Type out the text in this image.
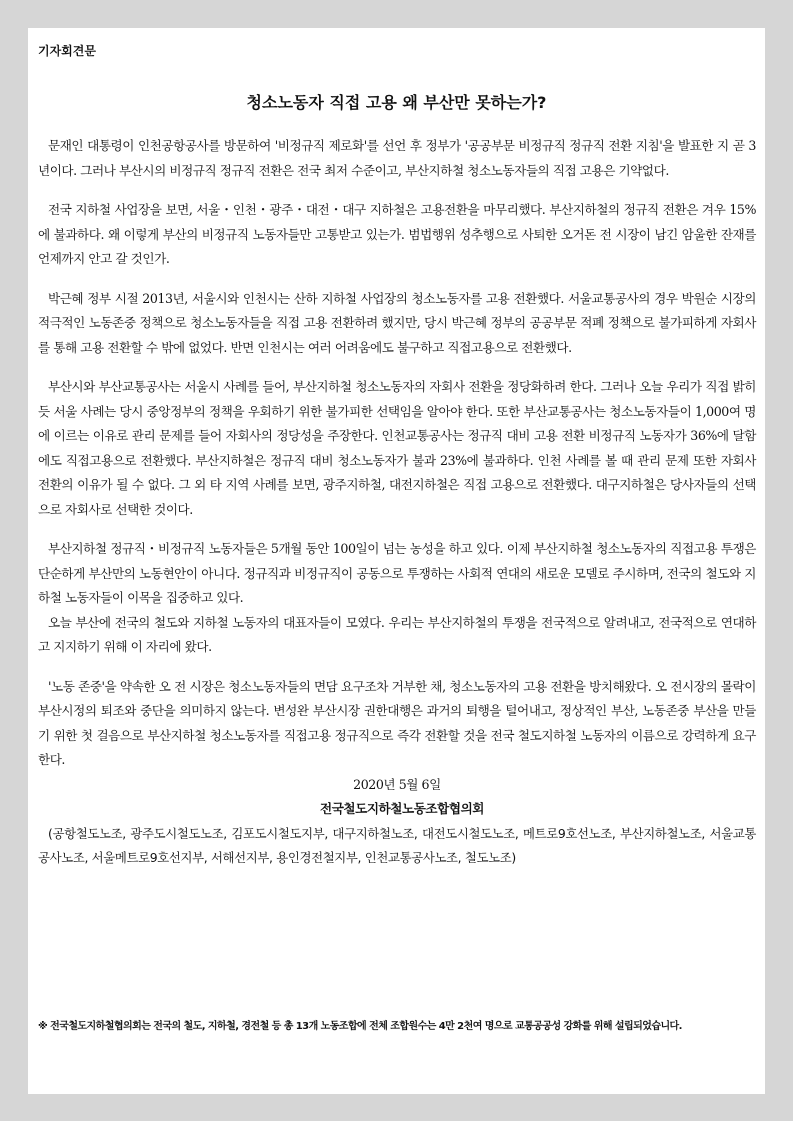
기자회견문

청소노동자 직접 고용 왜 부산만 못하는가?

문재인 대통령이 인천공항공사를 방문하여 '비정규직 제로화'를 선언 후 정부가 '공공부문 비정규직 정규직 전환 지침'을 발표한 지 곧 3년이다. 그러나 부산시의 비정규직 정규직 전환은 전국 최저 수준이고, 부산지하철 청소노동자들의 직접 고용은 기약없다.

전국 지하철 사업장을 보면, 서울・인천・광주・대전・대구 지하철은 고용전환을 마무리했다. 부산지하철의 정규직 전환은 겨우 15%에 불과하다. 왜 이렇게 부산의 비정규직 노동자들만 고통받고 있는가. 범법행위 성추행으로 사퇴한 오거돈 전 시장이 남긴 암울한 잔재를 언제까지 안고 갈 것인가.

박근혜 정부 시절 2013년, 서울시와 인천시는 산하 지하철 사업장의 청소노동자를 고용 전환했다. 서울교통공사의 경우 박원순 시장의 적극적인 노동존중 정책으로 청소노동자들을 직접 고용 전환하려 했지만, 당시 박근혜 정부의 공공부문 적폐 정책으로 불가피하게 자회사를 통해 고용 전환할 수 밖에 없었다. 반면 인천시는 여러 어려움에도 불구하고 직접고용으로 전환했다.

부산시와 부산교통공사는 서울시 사례를 들어, 부산지하철 청소노동자의 자회사 전환을 정당화하려 한다. 그러나 오늘 우리가 직접 밝히듯 서울 사례는 당시 중앙정부의 정책을 우회하기 위한 불가피한 선택임을 알아야 한다. 또한 부산교통공사는 청소노동자들이 1,000여 명에 이르는 이유로 관리 문제를 들어 자회사의 정당성을 주장한다. 인천교통공사는 정규직 대비 고용 전환 비정규직 노동자가 36%에 달함에도 직접고용으로 전환했다. 부산지하철은 정규직 대비 청소노동자가 불과 23%에 불과하다. 인천 사례를 볼 때 관리 문제 또한 자회사 전환의 이유가 될 수 없다. 그 외 타 지역 사례를 보면, 광주지하철, 대전지하철은 직접 고용으로 전환했다. 대구지하철은 당사자들의 선택으로 자회사로 선택한 것이다.

부산지하철 정규직・비정규직 노동자들은 5개월 동안 100일이 넘는 농성을 하고 있다. 이제 부산지하철 청소노동자의 직접고용 투쟁은 단순하게 부산만의 노동현안이 아니다. 정규직과 비정규직이 공동으로 투쟁하는 사회적 연대의 새로운 모델로 주시하며, 전국의 철도와 지하철 노동자들이 이목을 집중하고 있다.

오늘 부산에 전국의 철도와 지하철 노동자의 대표자들이 모였다. 우리는 부산지하철의 투쟁을 전국적으로 알려내고, 전국적으로 연대하고 지지하기 위해 이 자리에 왔다.

'노동 존중'을 약속한 오 전 시장은 청소노동자들의 면담 요구조차 거부한 채, 청소노동자의 고용 전환을 방치해왔다. 오 전시장의 몰락이 부산시정의 퇴조와 중단을 의미하지 않는다. 변성완 부산시장 권한대행은 과거의 퇴행을 털어내고, 정상적인 부산, 노동존중 부산을 만들기 위한 첫 걸음으로 부산지하철 청소노동자를 직접고용 정규직으로 즉각 전환할 것을 전국 철도지하철 노동자의 이름으로 강력하게 요구한다.

2020년 5월 6일

전국철도지하철노동조합협의회

(공항철도노조, 광주도시철도노조, 김포도시철도지부, 대구지하철노조, 대전도시철도노조, 메트로9호선노조, 부산지하철노조, 서울교통공사노조, 서울메트로9호선지부, 서해선지부, 용인경전철지부, 인천교통공사노조, 철도노조)

※ 전국철도지하철협의회는 전국의 철도, 지하철, 경전철 등 총 13개 노동조합에 전체 조합원수는 4만 2천여 명으로 교통공공성 강화를 위해 설립되었습니다.
